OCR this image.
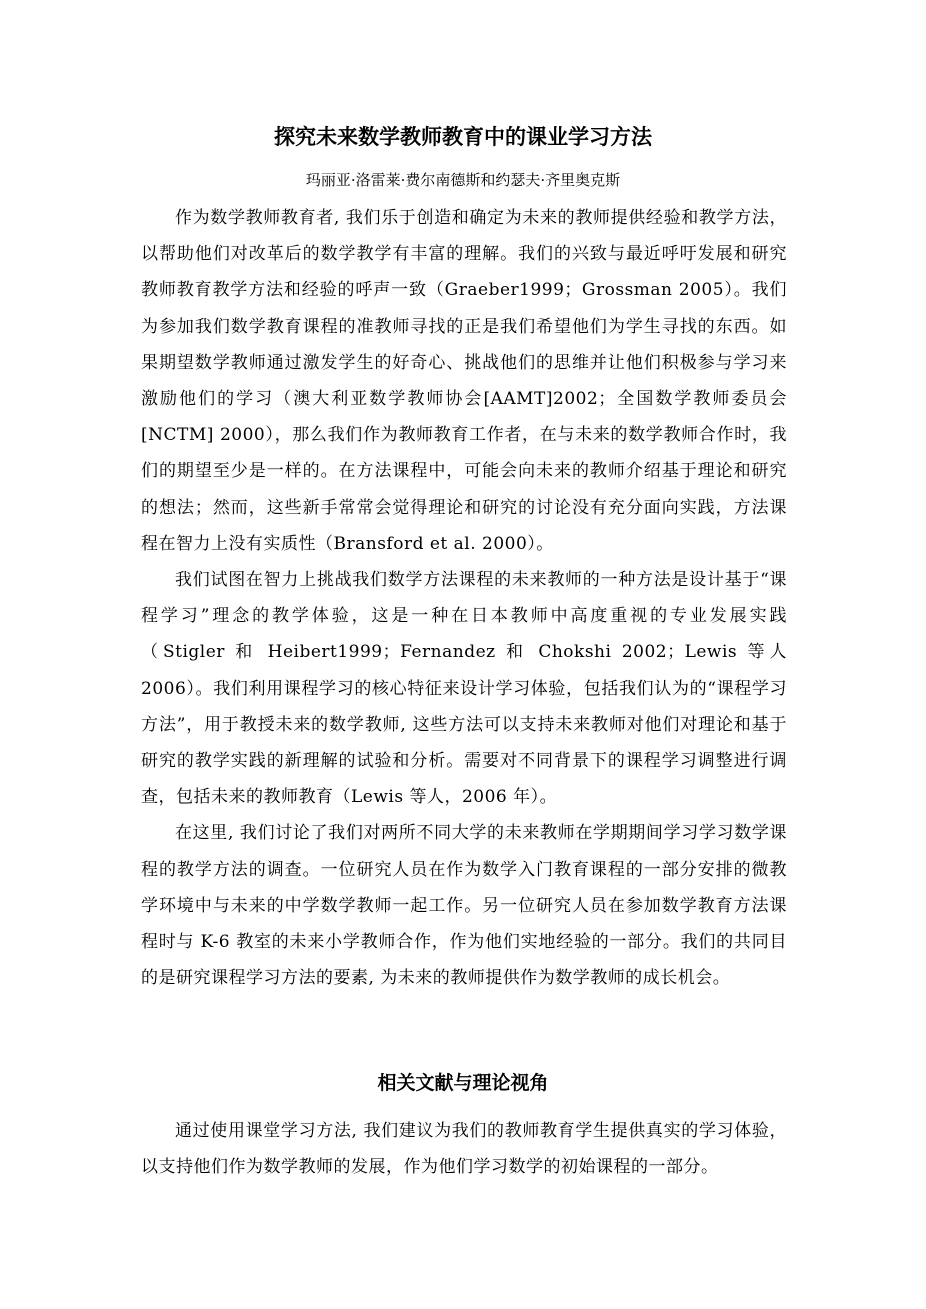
探究未来数学教师教育中的课业学习方法
玛丽亚·洛雷莱·费尔南德斯和约瑟夫·齐里奥克斯

作为数学教师教育者, 我们乐于创造和确定为未来的教师提供经验和教学方法，以帮助他们对改革后的数学教学有丰富的理解。我们的兴致与最近呼吁发展和研究教师教育教学方法和经验的呼声一致（Graeber1999；Grossman 2005）。我们为参加我们数学教育课程的准教师寻找的正是我们希望他们为学生寻找的东西。如果期望数学教师通过激发学生的好奇心、挑战他们的思维并让他们积极参与学习来激励他们的学习（澳大利亚数学教师协会[AAMT]2002；全国数学教师委员会 [NCTM] 2000），那么我们作为教师教育工作者，在与未来的数学教师合作时，我们的期望至少是一样的。在方法课程中，可能会向未来的教师介绍基于理论和研究的想法；然而，这些新手常常会觉得理论和研究的讨论没有充分面向实践，方法课程在智力上没有实质性（Bransford et al. 2000）。

我们试图在智力上挑战我们数学方法课程的未来教师的一种方法是设计基于“课程学习”理念的教学体验，这是一种在日本教师中高度重视的专业发展实践（Stigler 和 Heibert1999；Fernandez 和 Chokshi 2002；Lewis 等人 2006）。我们利用课程学习的核心特征来设计学习体验，包括我们认为的“课程学习方法”，用于教授未来的数学教师, 这些方法可以支持未来教师对他们对理论和基于研究的教学实践的新理解的试验和分析。需要对不同背景下的课程学习调整进行调查，包括未来的教师教育（Lewis 等人，2006 年）。

在这里, 我们讨论了我们对两所不同大学的未来教师在学期期间学习学习数学课程的教学方法的调查。一位研究人员在作为数学入门教育课程的一部分安排的微教学环境中与未来的中学数学教师一起工作。另一位研究人员在参加数学教育方法课程时与 K-6 教室的未来小学教师合作，作为他们实地经验的一部分。我们的共同目的是研究课程学习方法的要素, 为未来的教师提供作为数学教师的成长机会。

相关文献与理论视角

通过使用课堂学习方法, 我们建议为我们的教师教育学生提供真实的学习体验，以支持他们作为数学教师的发展，作为他们学习数学的初始课程的一部分。
